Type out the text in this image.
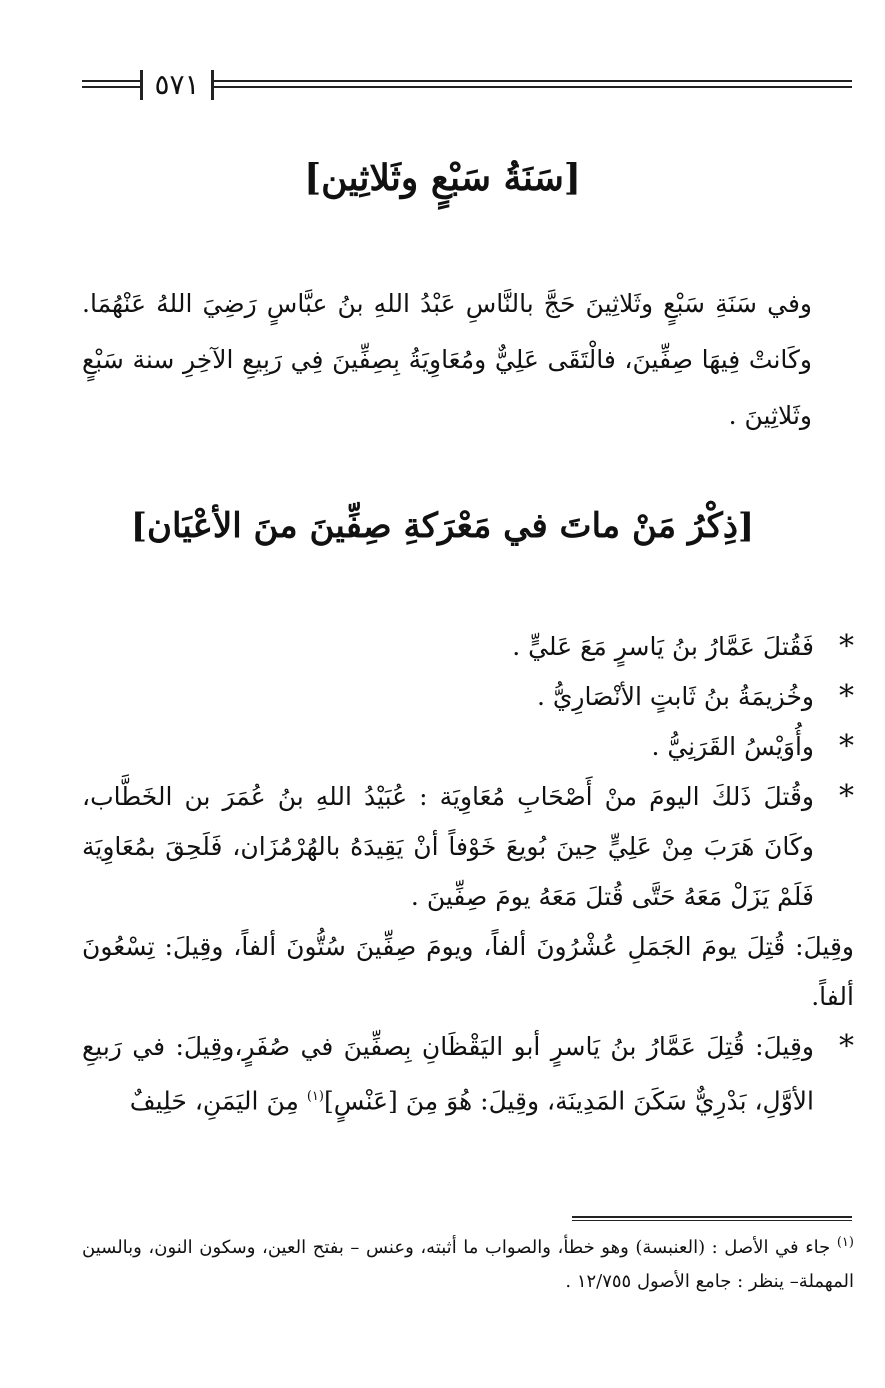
٥٧١
[سَنَةُ سَبْعٍ وثَلاثِين]
وفي سَنَةِ سَبْعٍ وثَلاثِينَ حَجَّ بالنَّاسِ عَبْدُ اللهِ بنُ عبَّاسٍ رَضِيَ اللهُ عَنْهُمَا. وكَانتْ فِيهَا صِفِّينَ، فالْتَقَى عَلِيٌّ ومُعَاوِيَةُ بِصِفِّينَ فِي رَبِيعِ الآخِرِ سنة سَبْعٍ وثَلاثِينَ .
[ذِكْرُ مَنْ ماتَ في مَعْرَكةِ صِفِّينَ منَ الأعْيَان]
*
فَقُتلَ عَمَّارُ بنُ يَاسرٍ مَعَ عَليٍّ .
*
وخُزيمَةُ بنُ ثَابتٍ الأنْصَارِيُّ .
*
وأُوَيْسُ القَرَنِيُّ .
*
وقُتلَ ذَلكَ اليومَ منْ أَصْحَابِ مُعَاوِيَة : عُبَيْدُ اللهِ بنُ عُمَرَ بن الخَطَّاب، وكَانَ هَرَبَ مِنْ عَلِيٍّ حِينَ بُويعَ خَوْفاً أنْ يَقِيدَهُ بالهُرْمُزَان، فَلَحِقَ بمُعَاوِيَة فَلَمْ يَزَلْ مَعَهُ حَتَّى قُتلَ مَعَهُ يومَ صِفِّينَ .
وقِيلَ: قُتِلَ يومَ الجَمَلِ عُشْرُونَ ألفاً، ويومَ صِفِّينَ سُتُّونَ ألفاً، وقِيلَ: تِسْعُونَ ألفاً.
*
وقِيلَ: قُتِلَ عَمَّارُ بنُ يَاسرٍ أبو اليَقْظَانِ بِصفِّينَ في صُفَرٍ،وقِيلَ: في رَبيعِ الأوَّلِ، بَدْرِيٌّ سَكَنَ المَدِينَة، وقِيلَ: هُوَ مِنَ [عَنْسٍ]$^{(١)}$ مِنَ اليَمَنِ، حَلِيفٌ
$^{(١)}$ جاء في الأصل : (العنبسة) وهو خطأ، والصواب ما أثبته، وعنس – بفتح العين، وسكون النون، وبالسين المهملة– ينظر : جامع الأصول ١٢/٧٥٥ .
